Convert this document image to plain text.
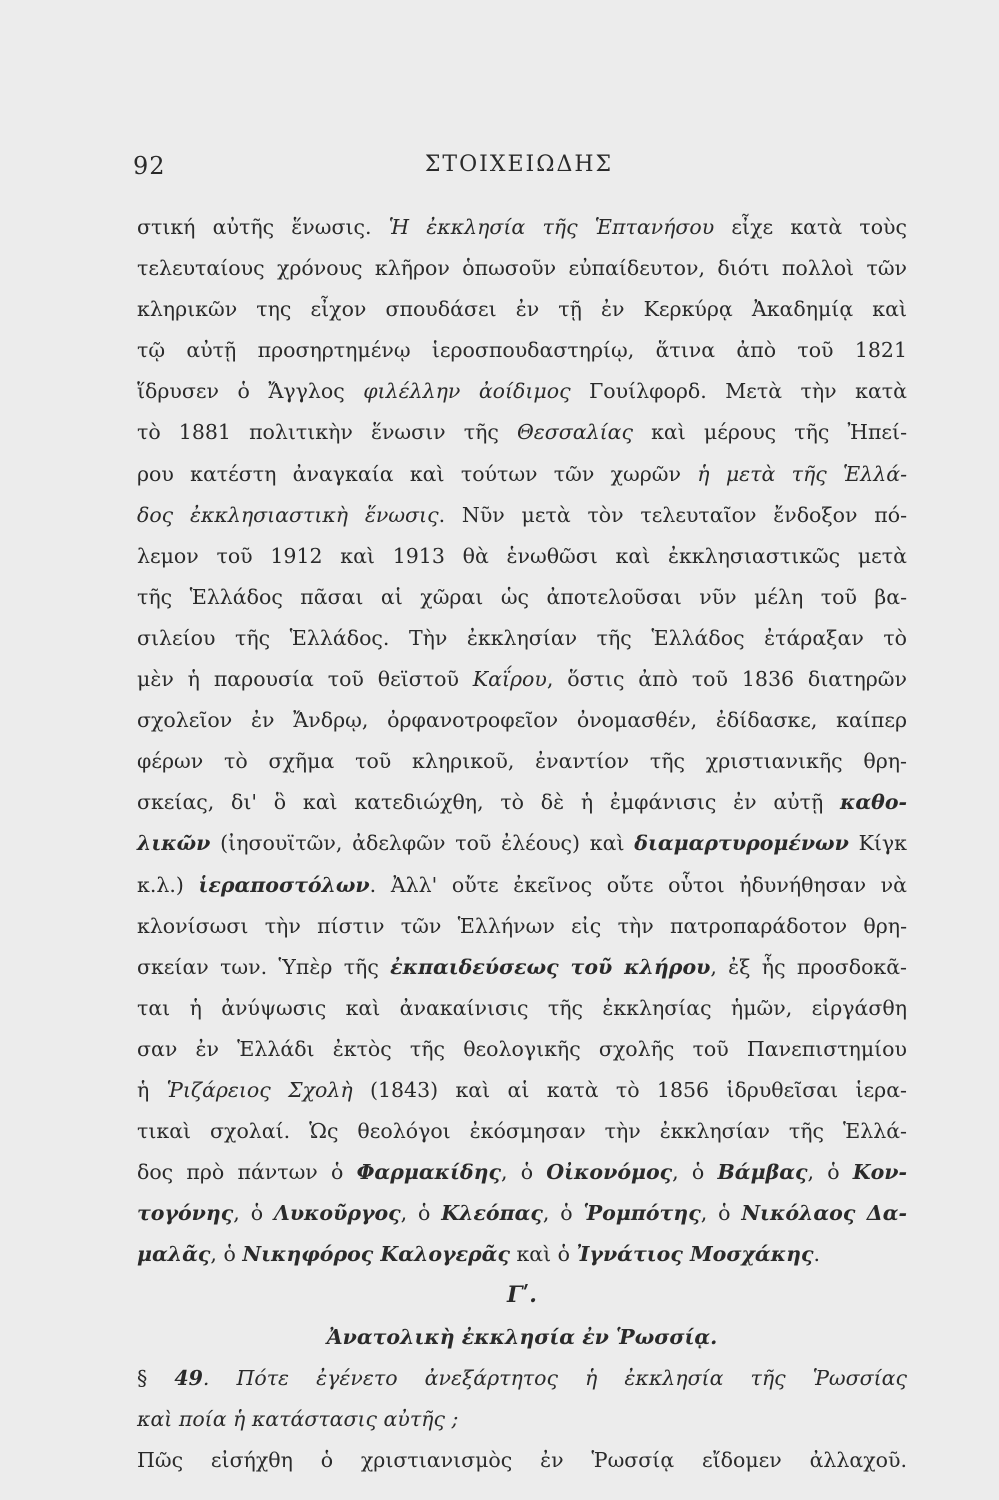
92	ΣΤΟΙΧΕΙΩΔΗΣ
στική αὐτῆς ἕνωσις. Ἡ ἐκκλησία τῆς Ἑπτανήσου εἶχε κατὰ τοὺς
τελευταίους χρόνους κλῆρον ὁπωσοῦν εὐπαίδευτον, διότι πολλοὶ τῶν
κληρικῶν της εἶχον σπουδάσει ἐν τῇ ἐν Κερκύρᾳ Ἀκαδημίᾳ καὶ
τῷ αὐτῇ προσηρτημένῳ ἱεροσπουδαστηρίῳ, ἅτινα ἀπὸ τοῦ 1821
ἵδρυσεν ὁ Ἄγγλος φιλέλλην ἀοίδιμος Γουίλφορδ. Μετὰ τὴν κατὰ
τὸ 1881 πολιτικὴν ἕνωσιν τῆς Θεσσαλίας καὶ μέρους τῆς Ἠπεί-
ρου κατέστη ἀναγκαία καὶ τούτων τῶν χωρῶν ἡ μετὰ τῆς Ἑλλά-
δος ἐκκλησιαστικὴ ἕνωσις. Νῦν μετὰ τὸν τελευταῖον ἔνδοξον πό-
λεμον τοῦ 1912 καὶ 1913 θὰ ἑνωθῶσι καὶ ἐκκλησιαστικῶς μετὰ
τῆς Ἑλλάδος πᾶσαι αἱ χῶραι ὡς ἀποτελοῦσαι νῦν μέλη τοῦ βα-
σιλείου τῆς Ἑλλάδος. Τὴν ἐκκλησίαν τῆς Ἑλλάδος ἐτάραξαν τὸ
μὲν ἡ παρουσία τοῦ θεϊστοῦ Καΐρου, ὅστις ἀπὸ τοῦ 1836 διατηρῶν
σχολεῖον ἐν Ἄνδρῳ, ὀρφανοτροφεῖον ὀνομασθέν, ἐδίδασκε, καίπερ
φέρων τὸ σχῆμα τοῦ κληρικοῦ, ἐναντίον τῆς χριστιανικῆς θρη-
σκείας, δι' ὃ καὶ κατεδιώχθη, τὸ δὲ ἡ ἐμφάνισις ἐν αὐτῇ καθο-
λικῶν (ἰησουϊτῶν, ἀδελφῶν τοῦ ἐλέους) καὶ διαμαρτυρομένων Κίγκ
κ.λ.) ἱεραποστόλων. Ἀλλ' οὔτε ἐκεῖνος οὔτε οὗτοι ἠδυνήθησαν νὰ
κλονίσωσι τὴν πίστιν τῶν Ἑλλήνων εἰς τὴν πατροπαράδοτον θρη-
σκείαν των. Ὑπὲρ τῆς ἐκπαιδεύσεως τοῦ κλήρου, ἐξ ἧς προσδοκᾶ-
ται ἡ ἀνύψωσις καὶ ἀνακαίνισις τῆς ἐκκλησίας ἡμῶν, εἰργάσθη
σαν ἐν Ἑλλάδι ἐκτὸς τῆς θεολογικῆς σχολῆς τοῦ Πανεπιστημίου
ἡ Ῥιζάρειος Σχολὴ (1843) καὶ αἱ κατὰ τὸ 1856 ἱδρυθεῖσαι ἱερα-
τικαὶ σχολαί. Ὡς θεολόγοι ἐκόσμησαν τὴν ἐκκλησίαν τῆς Ἑλλά-
δος πρὸ πάντων ὁ Φαρμακίδης, ὁ Οἰκονόμος, ὁ Βάμβας, ὁ Κον-
τογόνης, ὁ Λυκοῦργος, ὁ Κλεόπας, ὁ Ῥομπότης, ὁ Νικόλαος Δα-
μαλᾶς, ὁ Νικηφόρος Καλογερᾶς καὶ ὁ Ἰγνάτιος Μοσχάκης.
Γʹ.
Ἀνατολικὴ ἐκκλησία ἐν Ῥωσσίᾳ.
§ 49. Πότε ἐγένετο ἀνεξάρτητος ἡ ἐκκλησία τῆς Ῥωσσίας
καὶ ποία ἡ κατάστασις αὐτῆς ;
Πῶς εἰσήχθη ὁ χριστιανισμὸς ἐν Ῥωσσίᾳ εἴδομεν ἀλλαχοῦ.
